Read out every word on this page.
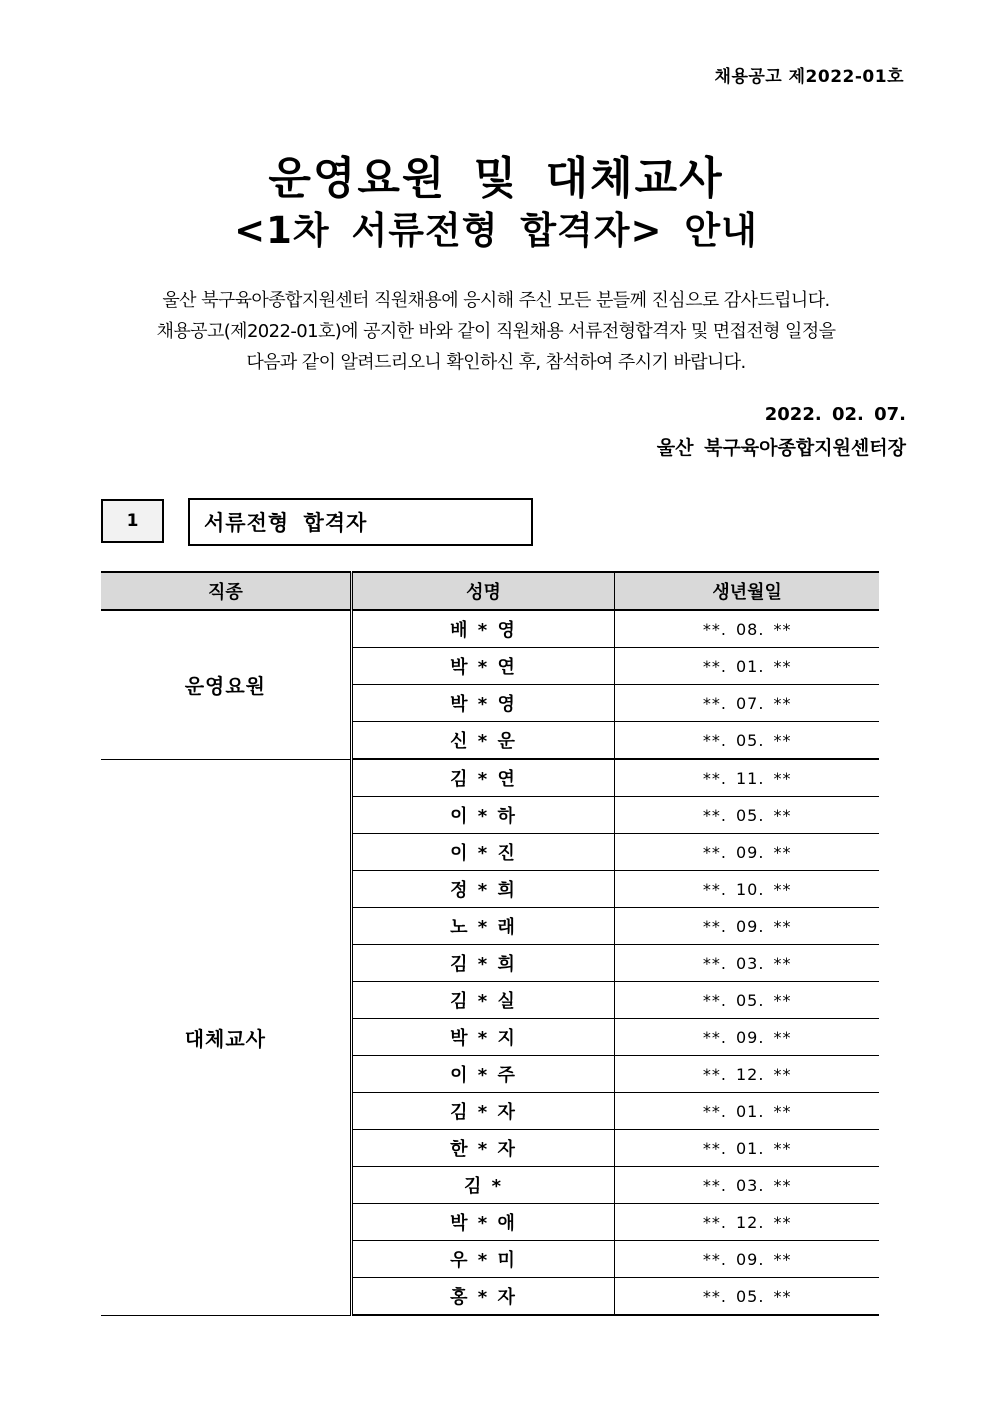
채용공고 제2022-01호
운영요원 및 대체교사
<1차 서류전형 합격자> 안내
울산 북구육아종합지원센터 직원채용에 응시해 주신 모든 분들께 진심으로 감사드립니다.
채용공고(제2022-01호)에 공지한 바와 같이 직원채용 서류전형합격자 및 면접전형 일정을
다음과 같이 알려드리오니 확인하신 후, 참석하여 주시기 바랍니다.
2022. 02. 07.
울산 북구육아종합지원센터장
1	서류전형 합격자
직종	성명	생년월일
운영요원	배 * 영	**. 08. **
	박 * 연	**. 01. **
	박 * 영	**. 07. **
	신 * 운	**. 05. **
대체교사	김 * 연	**. 11. **
	이 * 하	**. 05. **
	이 * 진	**. 09. **
	정 * 희	**. 10. **
	노 * 래	**. 09. **
	김 * 희	**. 03. **
	김 * 실	**. 05. **
	박 * 지	**. 09. **
	이 * 주	**. 12. **
	김 * 자	**. 01. **
	한 * 자	**. 01. **
	김 *	**. 03. **
	박 * 애	**. 12. **
	우 * 미	**. 09. **
	홍 * 자	**. 05. **
